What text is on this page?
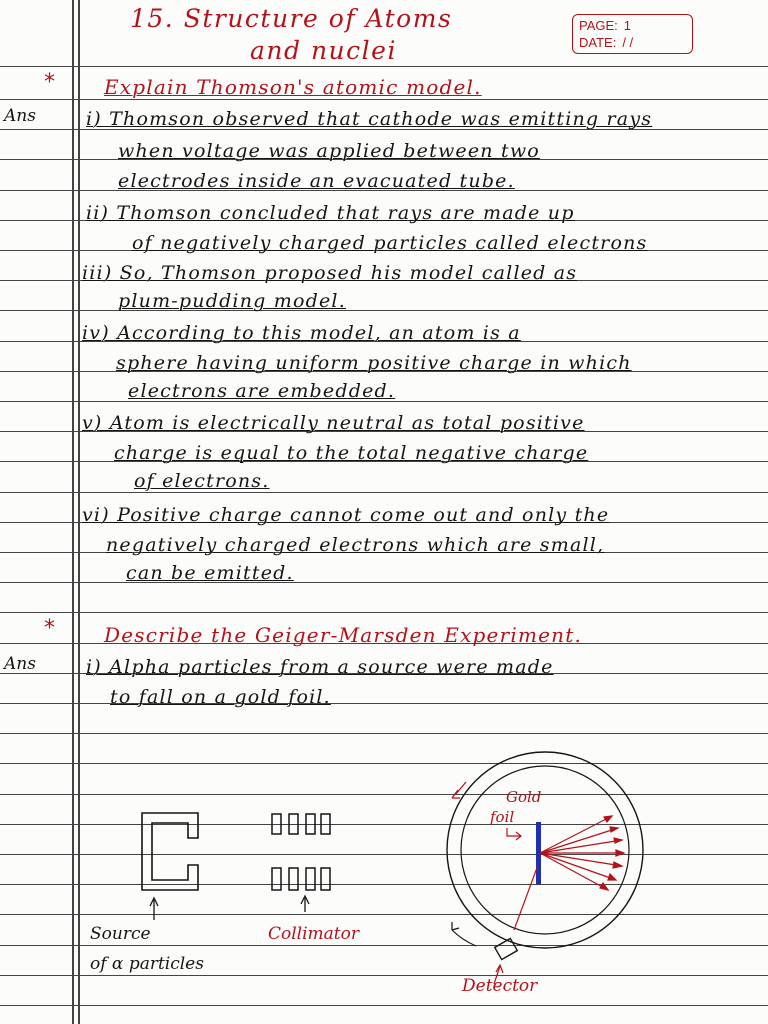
15. Structure of Atoms
and nuclei
PAGE: 1
DATE: / /
* Explain Thomson's atomic model.
Ans	i) Thomson observed that cathode was emitting rays
when voltage was applied between two
electrodes inside an evacuated tube.
ii) Thomson concluded that rays are made up
of negatively charged particles called electrons
iii) So, Thomson proposed his model called as
plum-pudding model.
iv) According to this model, an atom is a
sphere having uniform positive charge in which
electrons are embedded.
v) Atom is electrically neutral as total positive
charge is equal to the total negative charge
of electrons.
vi) Positive charge cannot come out and only the
negatively charged electrons which are small,
can be emitted.
* Describe the Geiger-Marsden Experiment.
Ans	i) Alpha particles from a source were made
to fall on a gold foil.
Gold
foil
Source
of α particles
Collimator
Detector
